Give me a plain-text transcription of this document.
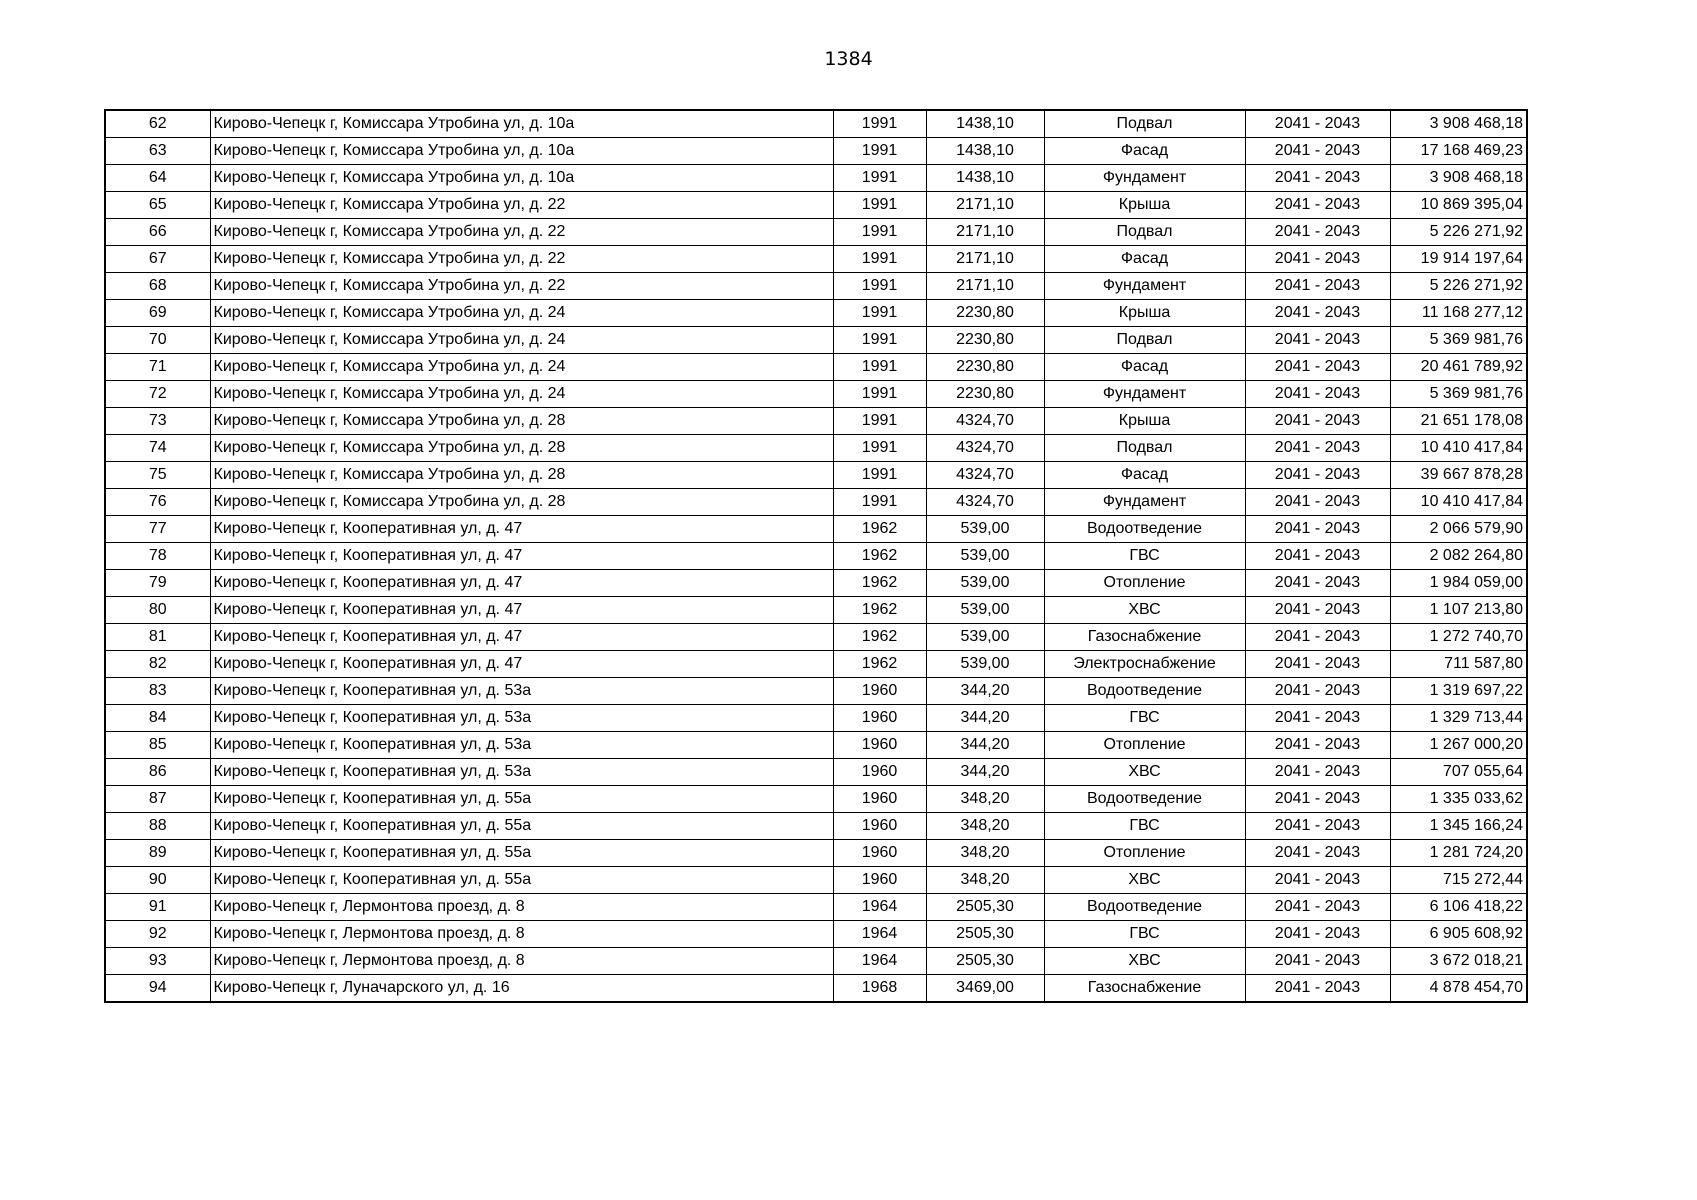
1384
62	Кирово-Чепецк г, Комиссара Утробина ул, д. 10а	1991	1438,10	Подвал	2041 - 2043	3 908 468,18
63	Кирово-Чепецк г, Комиссара Утробина ул, д. 10а	1991	1438,10	Фасад	2041 - 2043	17 168 469,23
64	Кирово-Чепецк г, Комиссара Утробина ул, д. 10а	1991	1438,10	Фундамент	2041 - 2043	3 908 468,18
65	Кирово-Чепецк г, Комиссара Утробина ул, д. 22	1991	2171,10	Крыша	2041 - 2043	10 869 395,04
66	Кирово-Чепецк г, Комиссара Утробина ул, д. 22	1991	2171,10	Подвал	2041 - 2043	5 226 271,92
67	Кирово-Чепецк г, Комиссара Утробина ул, д. 22	1991	2171,10	Фасад	2041 - 2043	19 914 197,64
68	Кирово-Чепецк г, Комиссара Утробина ул, д. 22	1991	2171,10	Фундамент	2041 - 2043	5 226 271,92
69	Кирово-Чепецк г, Комиссара Утробина ул, д. 24	1991	2230,80	Крыша	2041 - 2043	11 168 277,12
70	Кирово-Чепецк г, Комиссара Утробина ул, д. 24	1991	2230,80	Подвал	2041 - 2043	5 369 981,76
71	Кирово-Чепецк г, Комиссара Утробина ул, д. 24	1991	2230,80	Фасад	2041 - 2043	20 461 789,92
72	Кирово-Чепецк г, Комиссара Утробина ул, д. 24	1991	2230,80	Фундамент	2041 - 2043	5 369 981,76
73	Кирово-Чепецк г, Комиссара Утробина ул, д. 28	1991	4324,70	Крыша	2041 - 2043	21 651 178,08
74	Кирово-Чепецк г, Комиссара Утробина ул, д. 28	1991	4324,70	Подвал	2041 - 2043	10 410 417,84
75	Кирово-Чепецк г, Комиссара Утробина ул, д. 28	1991	4324,70	Фасад	2041 - 2043	39 667 878,28
76	Кирово-Чепецк г, Комиссара Утробина ул, д. 28	1991	4324,70	Фундамент	2041 - 2043	10 410 417,84
77	Кирово-Чепецк г, Кооперативная ул, д. 47	1962	539,00	Водоотведение	2041 - 2043	2 066 579,90
78	Кирово-Чепецк г, Кооперативная ул, д. 47	1962	539,00	ГВС	2041 - 2043	2 082 264,80
79	Кирово-Чепецк г, Кооперативная ул, д. 47	1962	539,00	Отопление	2041 - 2043	1 984 059,00
80	Кирово-Чепецк г, Кооперативная ул, д. 47	1962	539,00	ХВС	2041 - 2043	1 107 213,80
81	Кирово-Чепецк г, Кооперативная ул, д. 47	1962	539,00	Газоснабжение	2041 - 2043	1 272 740,70
82	Кирово-Чепецк г, Кооперативная ул, д. 47	1962	539,00	Электроснабжение	2041 - 2043	711 587,80
83	Кирово-Чепецк г, Кооперативная ул, д. 53а	1960	344,20	Водоотведение	2041 - 2043	1 319 697,22
84	Кирово-Чепецк г, Кооперативная ул, д. 53а	1960	344,20	ГВС	2041 - 2043	1 329 713,44
85	Кирово-Чепецк г, Кооперативная ул, д. 53а	1960	344,20	Отопление	2041 - 2043	1 267 000,20
86	Кирово-Чепецк г, Кооперативная ул, д. 53а	1960	344,20	ХВС	2041 - 2043	707 055,64
87	Кирово-Чепецк г, Кооперативная ул, д. 55а	1960	348,20	Водоотведение	2041 - 2043	1 335 033,62
88	Кирово-Чепецк г, Кооперативная ул, д. 55а	1960	348,20	ГВС	2041 - 2043	1 345 166,24
89	Кирово-Чепецк г, Кооперативная ул, д. 55а	1960	348,20	Отопление	2041 - 2043	1 281 724,20
90	Кирово-Чепецк г, Кооперативная ул, д. 55а	1960	348,20	ХВС	2041 - 2043	715 272,44
91	Кирово-Чепецк г, Лермонтова проезд, д. 8	1964	2505,30	Водоотведение	2041 - 2043	6 106 418,22
92	Кирово-Чепецк г, Лермонтова проезд, д. 8	1964	2505,30	ГВС	2041 - 2043	6 905 608,92
93	Кирово-Чепецк г, Лермонтова проезд, д. 8	1964	2505,30	ХВС	2041 - 2043	3 672 018,21
94	Кирово-Чепецк г, Луначарского ул, д. 16	1968	3469,00	Газоснабжение	2041 - 2043	4 878 454,70
